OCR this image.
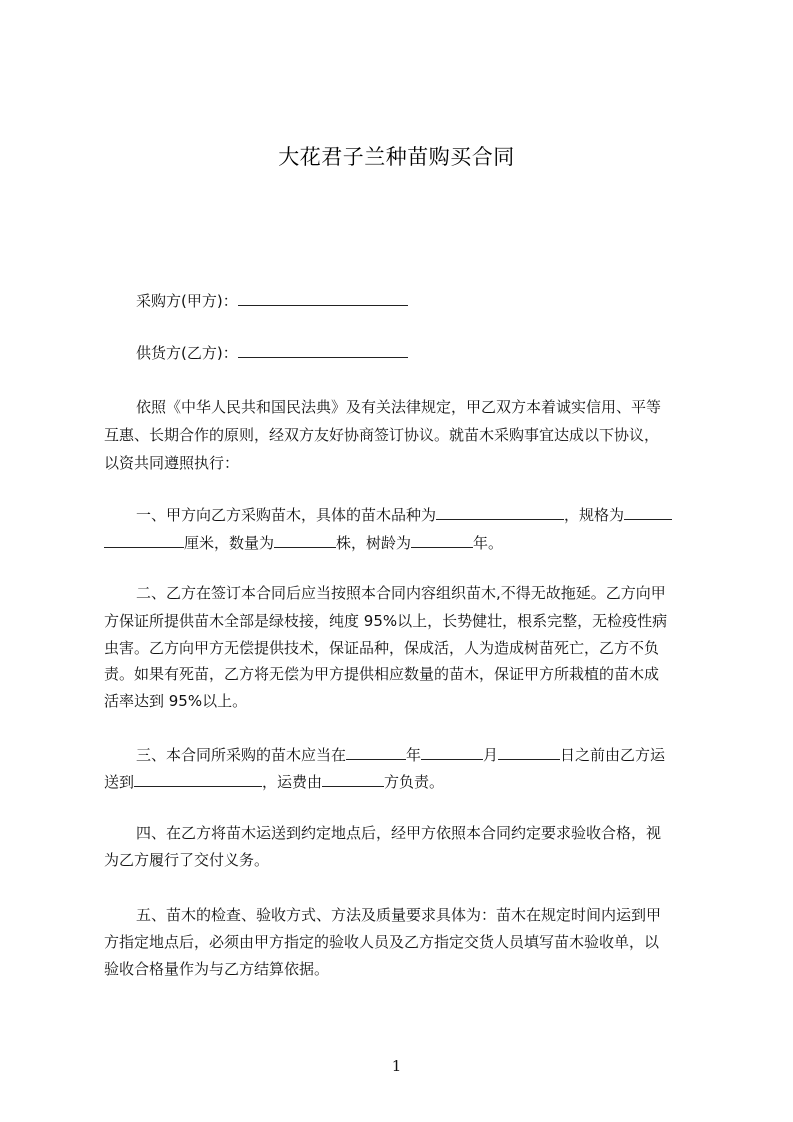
大花君子兰种苗购买合同
采购方(甲方)：
供货方(乙方)：
依照《中华人民共和国民法典》及有关法律规定，甲乙双方本着诚实信用、平等
互惠、长期合作的原则，经双方友好协商签订协议。就苗木采购事宜达成以下协议，
以资共同遵照执行：
一、甲方向乙方采购苗木，具体的苗木品种为	，规格为
厘米，数量为	株，树龄为	年。
二、乙方在签订本合同后应当按照本合同内容组织苗木,不得无故拖延。乙方向甲
方保证所提供苗木全部是绿枝接，纯度 95%以上，长势健壮，根系完整，无检疫性病
虫害。乙方向甲方无偿提供技术，保证品种，保成活，人为造成树苗死亡，乙方不负
责。如果有死苗，乙方将无偿为甲方提供相应数量的苗木，保证甲方所栽植的苗木成
活率达到 95%以上。
三、本合同所采购的苗木应当在	年	月	日之前由乙方运
送到	，运费由	方负责。
四、在乙方将苗木运送到约定地点后，经甲方依照本合同约定要求验收合格，视
为乙方履行了交付义务。
五、苗木的检查、验收方式、方法及质量要求具体为：苗木在规定时间内运到甲
方指定地点后，必须由甲方指定的验收人员及乙方指定交货人员填写苗木验收单，以
验收合格量作为与乙方结算依据。
1
